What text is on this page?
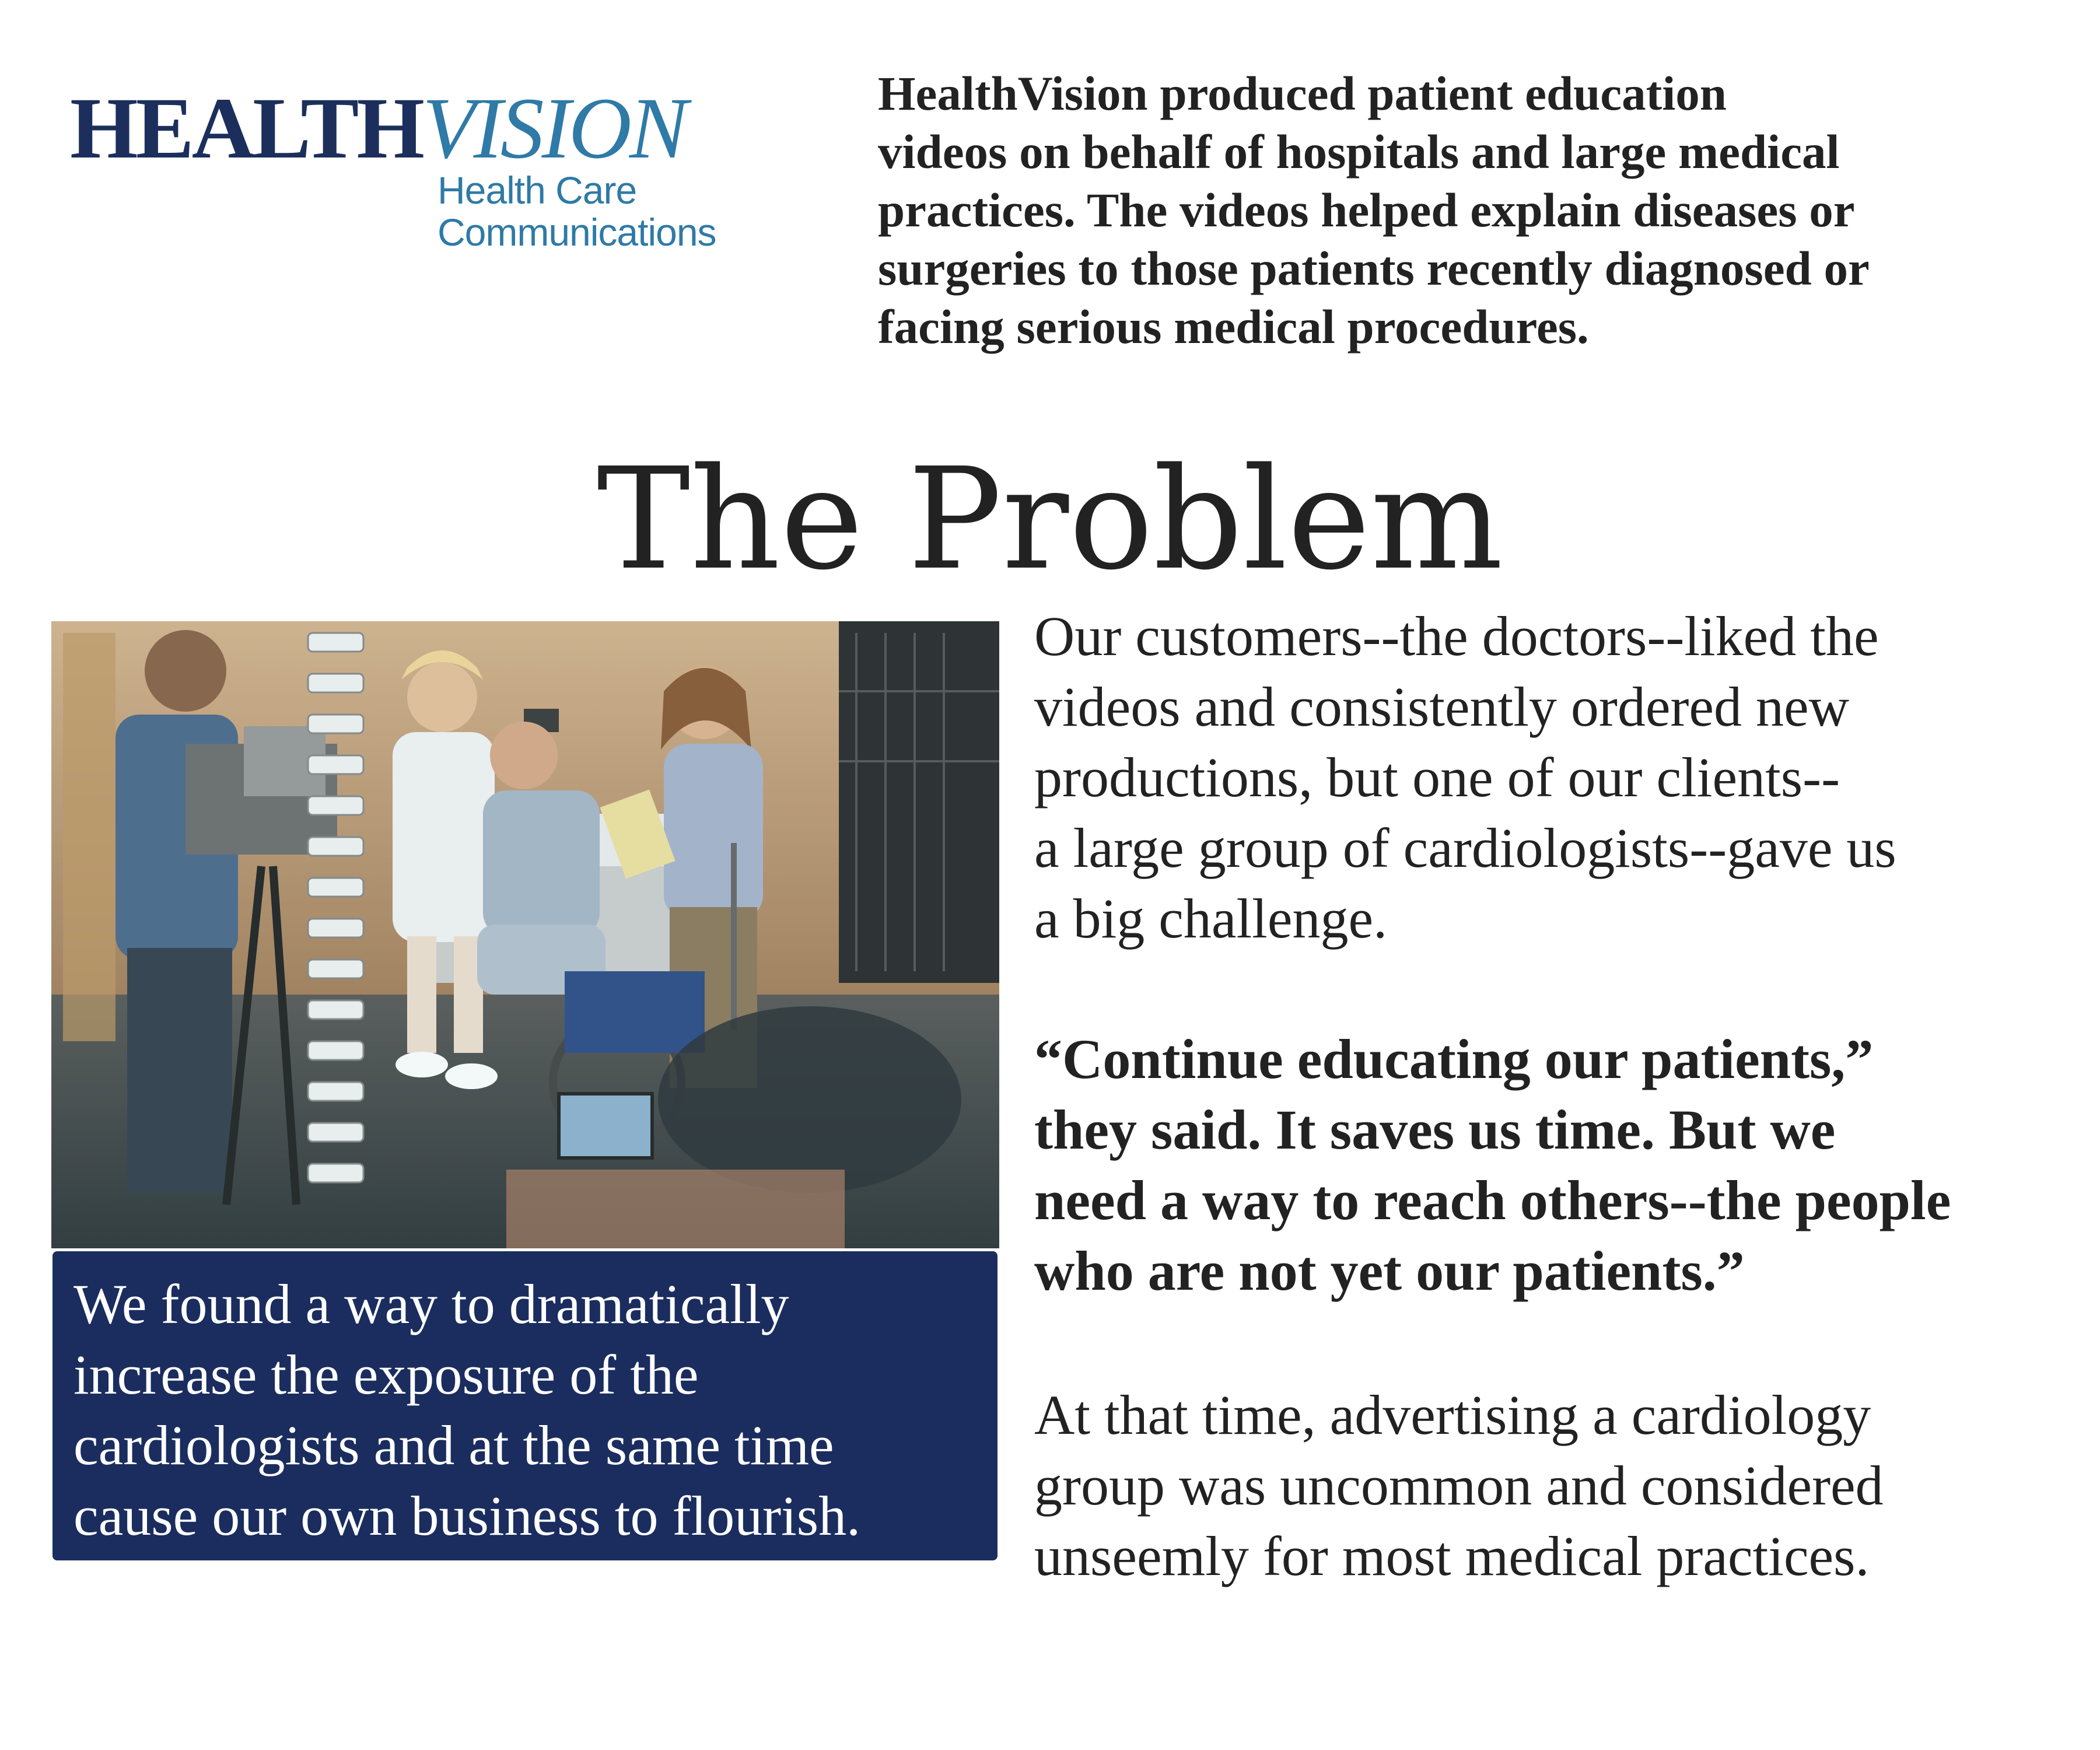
HEALTHVISION
Health Care
Communications
HealthVision produced patient education
videos on behalf of hospitals and large medical
practices. The videos helped explain diseases or
surgeries to those patients recently diagnosed or
facing serious medical procedures.
The Problem
We found a way to dramatically
increase the exposure of the
cardiologists and at the same time
cause our own business to flourish.
Our customers--the doctors--liked the
videos and consistently ordered new
productions, but one of our clients--
a large group of cardiologists--gave us
a big challenge.
“Continue educating our patients,”
they said. It saves us time. But we
need a way to reach others--the people
who are not yet our patients.”
At that time, advertising a cardiology
group was uncommon and considered
unseemly for most medical practices.
